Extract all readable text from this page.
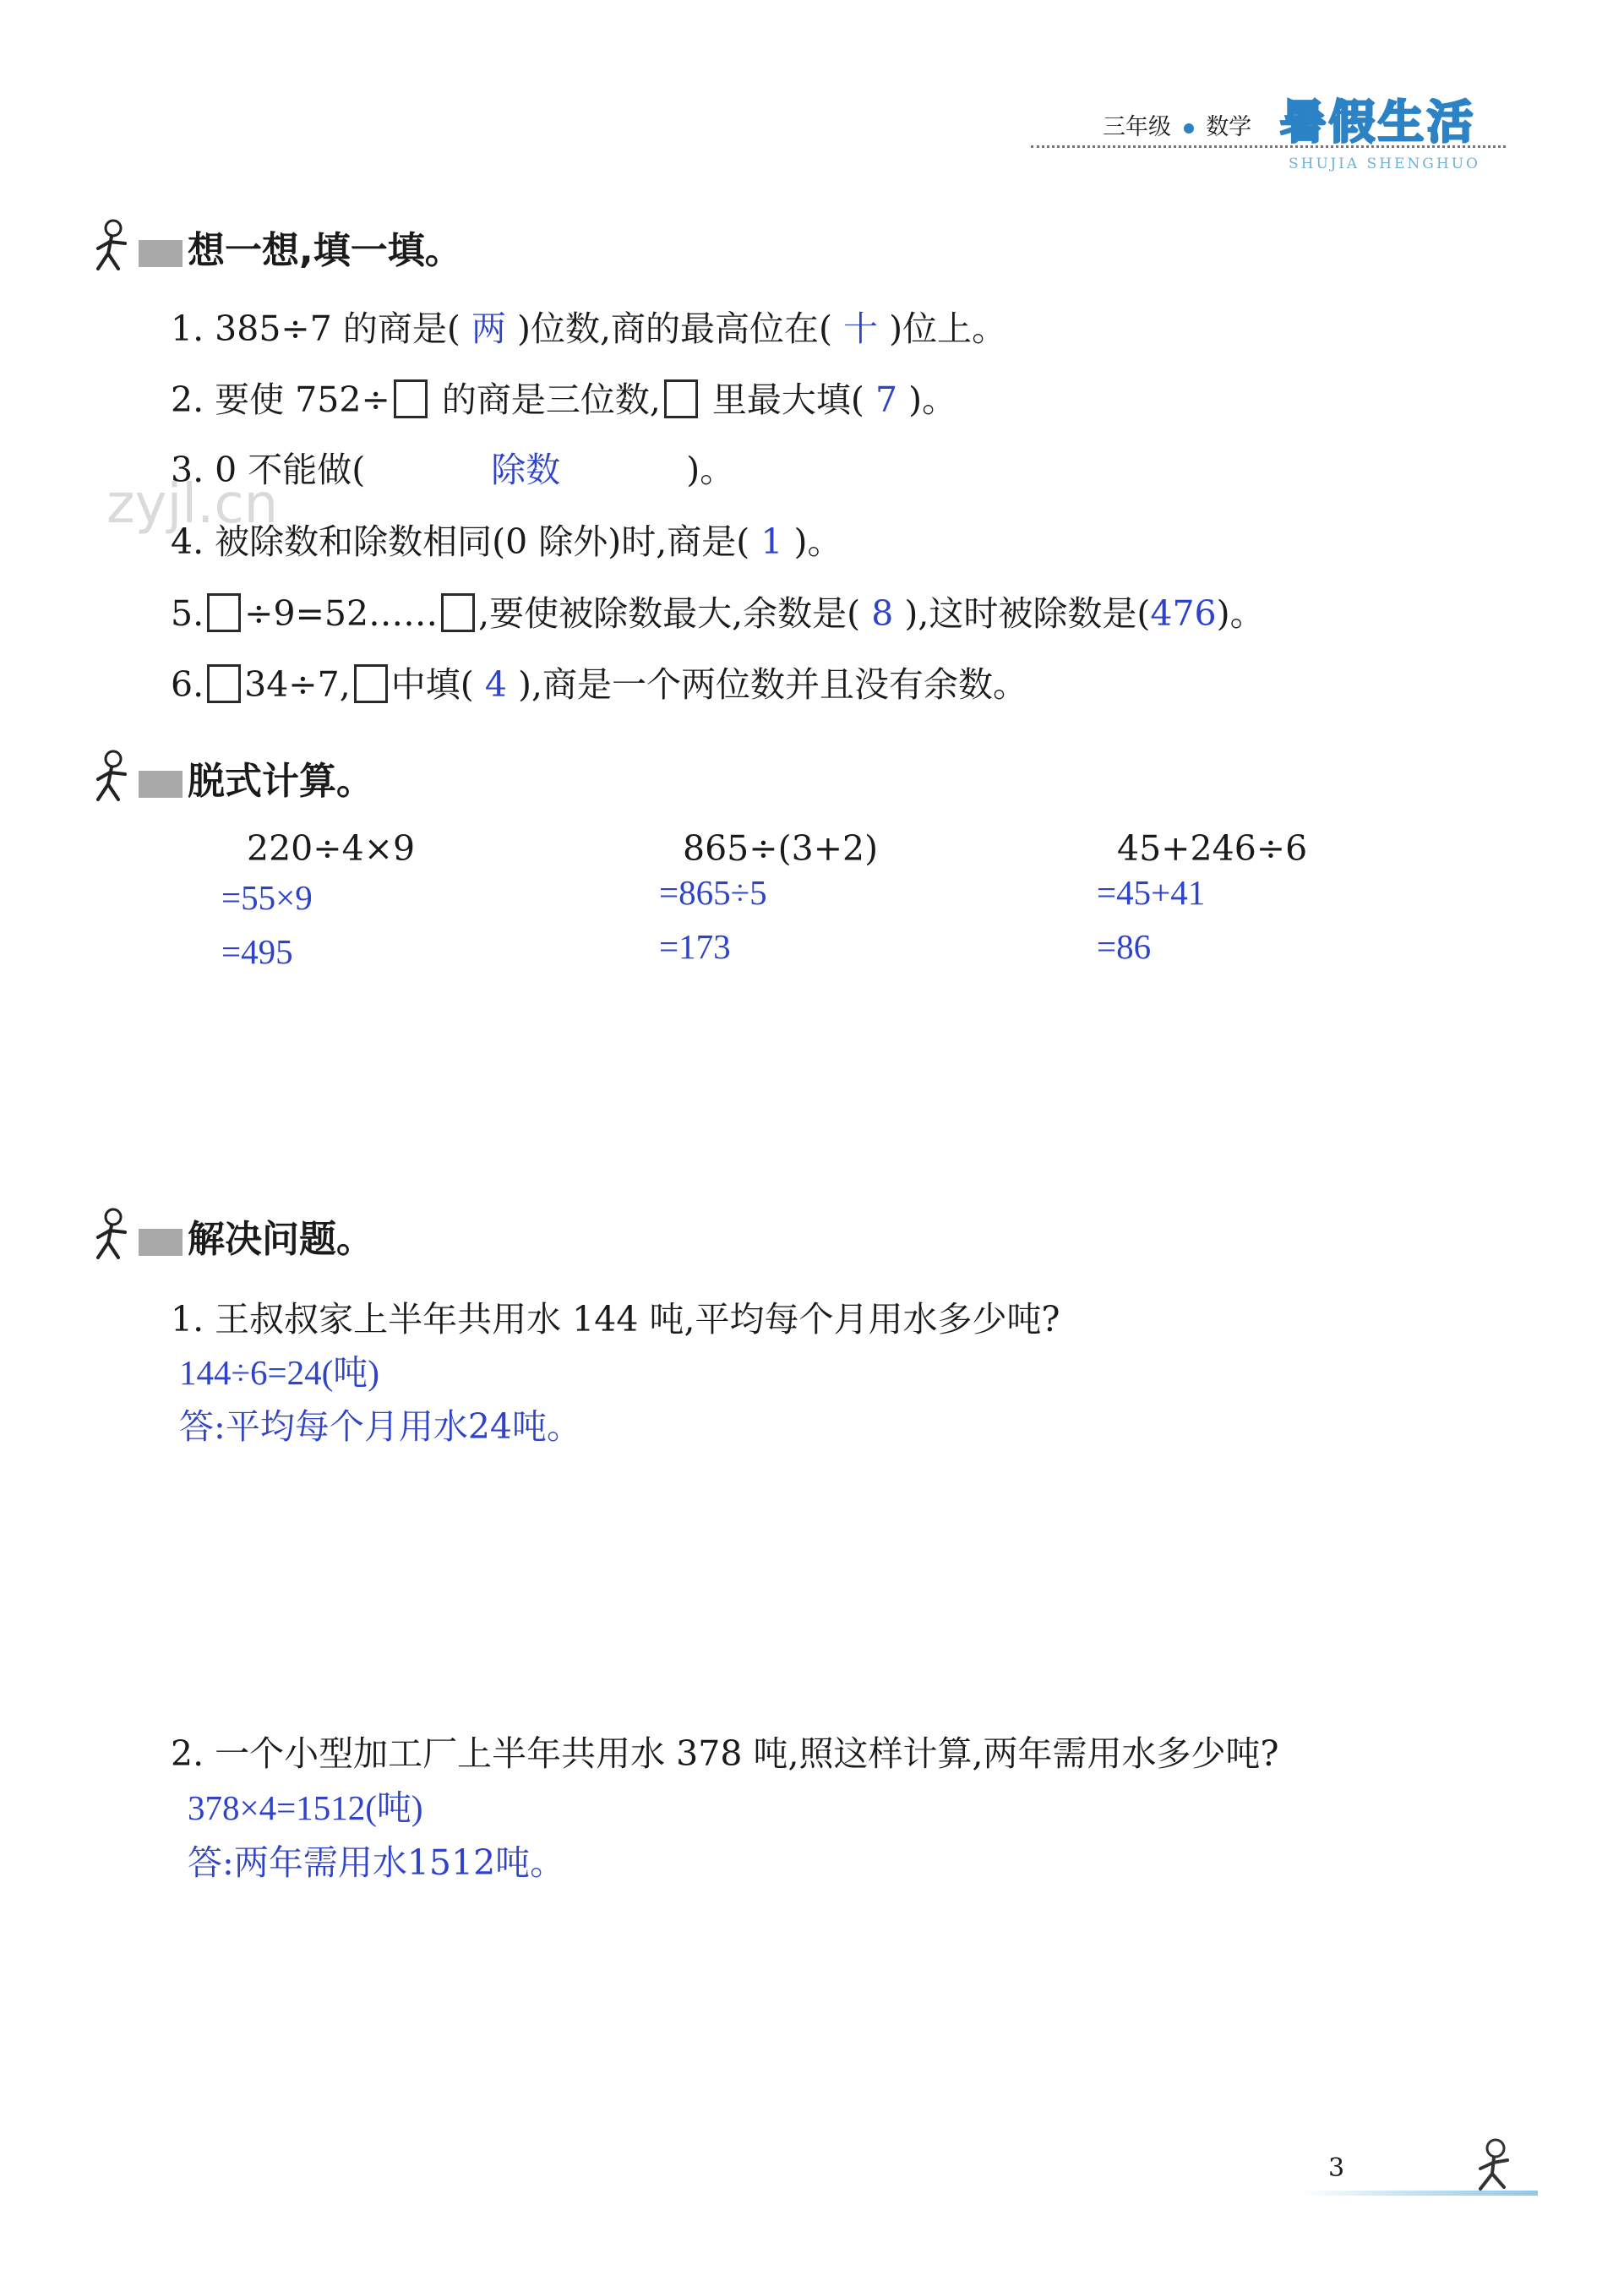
三年级 数学 暑假生活
SHUJIA SHENGHUO
zyjl.cn
想一想,填一填。
1. 385÷7 的商是( 两 )位数,商的最高位在( 十 )位上。
2. 要使 752÷ 的商是三位数, 里最大填( 7 )。
3. 0 不能做(	除数	)。
4. 被除数和除数相同(0 除外)时,商是( 1 )。
5. ÷9=52…… ,要使被除数最大,余数是( 8 ),这时被除数是(476)。
6. 34÷7, 中填( 4 ),商是一个两位数并且没有余数。
脱式计算。
220÷4×9
=55×9
=495
865÷(3+2)
=865÷5
=173
45+246÷6
=45+41
=86
解决问题。
1. 王叔叔家上半年共用水 144 吨,平均每个月用水多少吨?
144÷6=24(吨)
答:平均每个月用水24吨。
2. 一个小型加工厂上半年共用水 378 吨,照这样计算,两年需用水多少吨?
378×4=1512(吨)
答:两年需用水1512吨。
3
